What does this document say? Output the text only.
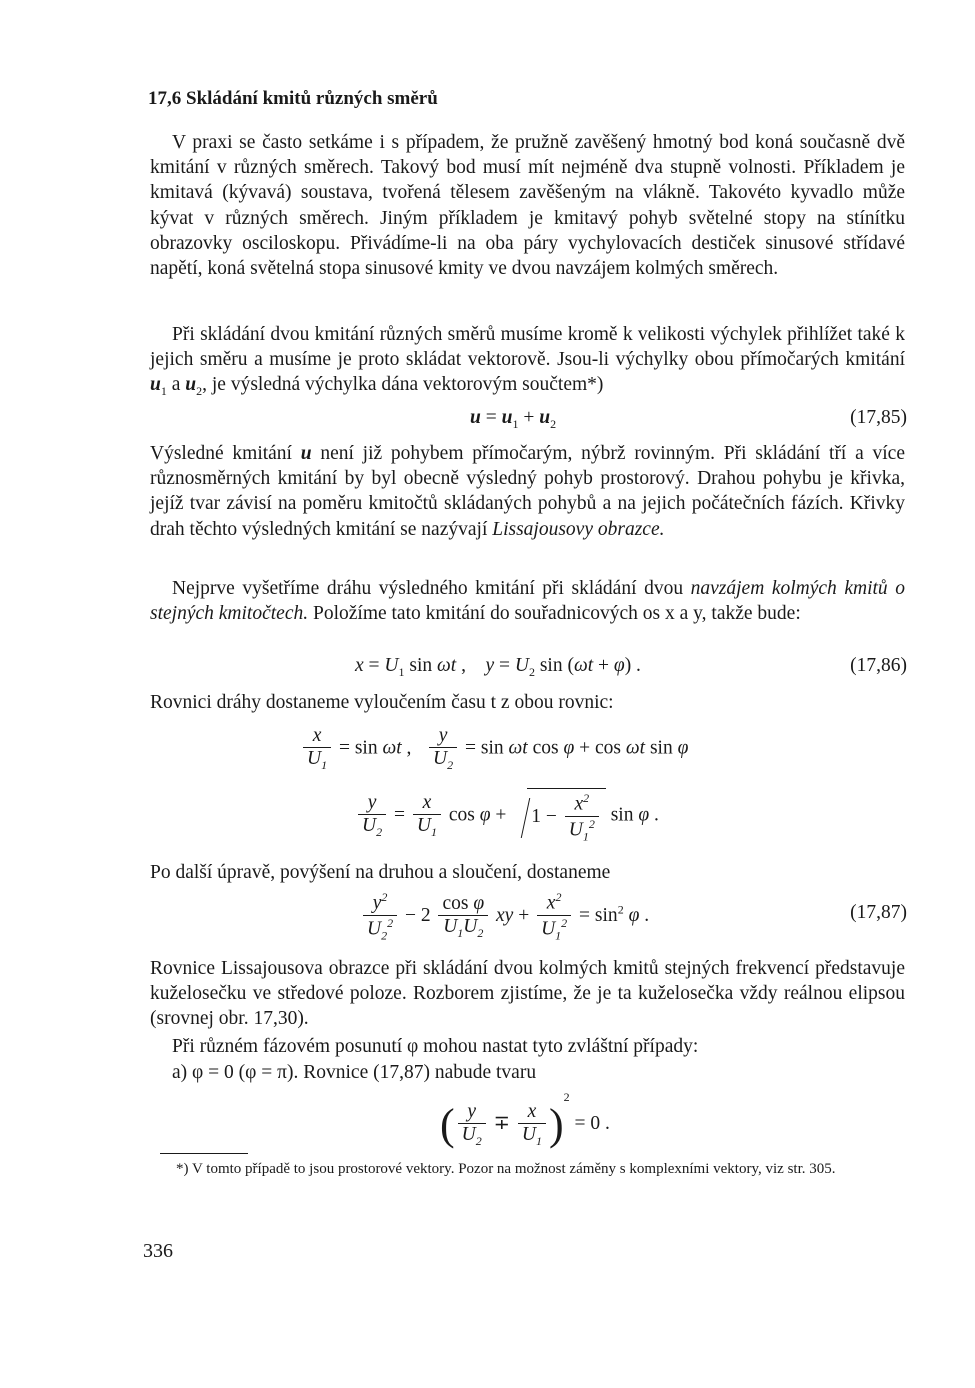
17,6 Skládání kmitů různých směrů

V praxi se často setkáme i s případem, že pružně zavěšený hmotný bod koná současně dvě kmitání v různých směrech. Takový bod musí mít nejméně dva stupně volnosti. Příkladem je kmitavá (kývavá) soustava, tvořená tělesem zavěšeným na vlákně. Takovéto kyvadlo může kývat v různých směrech. Jiným příkladem je kmitavý pohyb světelné stopy na stínítku obrazovky osciloskopu. Přivádíme-li na oba páry vychylovacích destiček sinusové střídavé napětí, koná světelná stopa sinusové kmity ve dvou navzájem kolmých směrech.

Při skládání dvou kmitání různých směrů musíme kromě k velikosti výchylek přihlížet také k jejich směru a musíme je proto skládat vektorově. Jsou-li výchylky obou přímočarých kmitání $u_1$ a $u_2$, je výsledná výchylka dána vektorovým součtem*)

$u = u_1 + u_2$	(17,85)

Výsledné kmitání u není již pohybem přímočarým, nýbrž rovinným. Při skládání tří a více různosměrných kmitání by byl obecně výsledný pohyb prostorový. Drahou pohybu je křivka, jejíž tvar závisí na poměru kmitočtů skládaných pohybů a na jejich počátečních fázích. Křivky drah těchto výsledných kmitání se nazývají Lissajousovy obrazce.

Nejprve vyšetříme dráhu výsledného kmitání při skládání dvou navzájem kolmých kmitů o stejných kmitočtech. Položíme tato kmitání do souřadnicových os x a y, takže bude:

$x = U_1$ sin ωt ,    $y = U_2$ sin (ωt + φ) .	(17,86)

Rovnici dráhy dostaneme vyloučením času t z obou rovnic:

$\frac{x}{U_1} = \sin \omega t$ , $\frac{y}{U_2} = \sin \omega t$ cos φ + cos ωt sin φ
$\frac{y}{U_2} = \frac{x}{U_1}$ $\cos \varphi + 1 - \frac{x^2}{U_1^2}$ sin φ .

Po další úpravě, povýšení na druhou a sloučení, dostaneme

$\frac{y^2}{U_2^2} - 2 \frac{\text{cos φ}}{U_1U_2}$ xy + $\frac{x^2}{U_1^2} = \sin^2 \varphi$ .	(17,87)

Rovnice Lissajousova obrazce při skládání dvou kolmých kmitů stejných frekvencí představuje kuželosečku ve středové poloze. Rozborem zjistíme, že je ta kuželosečka vždy reálnou elipsou (srovnej obr. 17,30).

Při různém fázovém posunutí φ mohou nastat tyto zvláštní případy:

a) φ = 0 (φ = π). Rovnice (17,87) nabude tvaru

( $\frac{y}{U_2} \mp \frac{x}{U_1} )^2 = 0$ .
*) V tomto případě to jsou prostorové vektory. Pozor na možnost záměny s komplexními vektory, viz str. 305.
336
